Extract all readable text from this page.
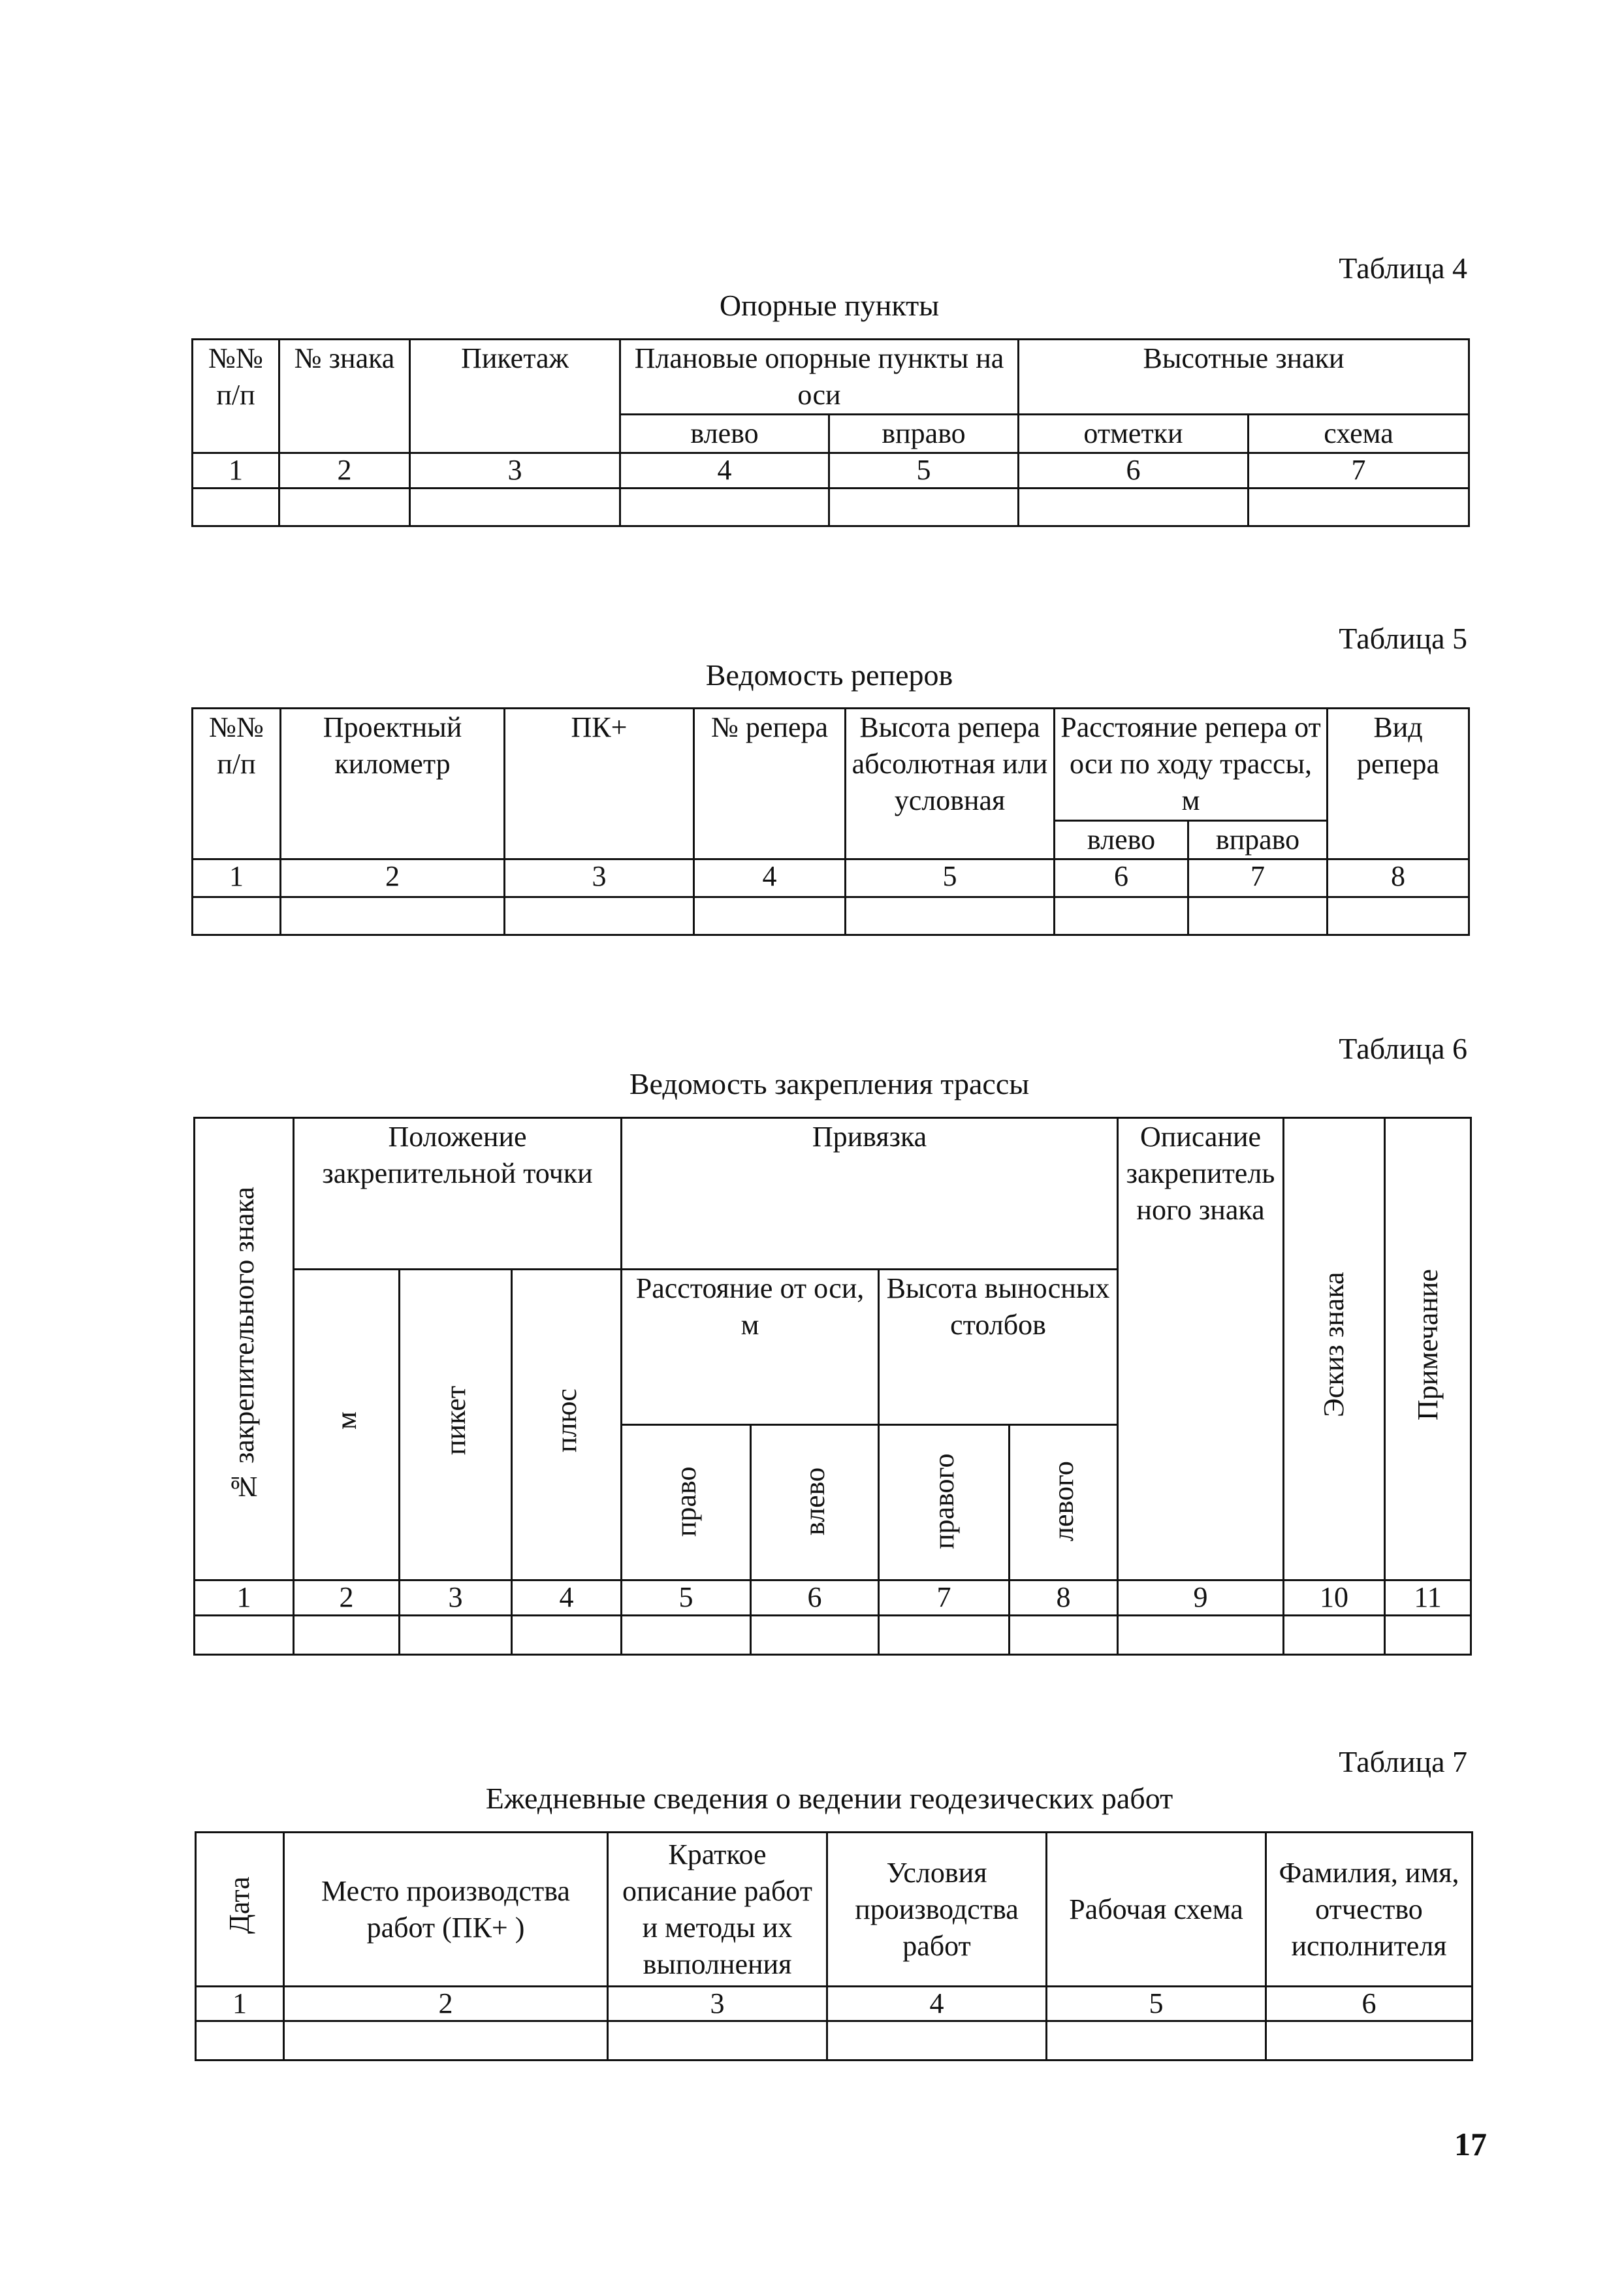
Таблица 4
Опорные пункты
№№ п/п	№ знака	Пикетаж	Плановые опорные пункты на оси		Высотные знаки	
			влево	вправо	отметки	схема
1	2	3	4	5	6	7

Таблица 5
Ведомость реперов
№№ п/п	Проектный километр	ПК+	№ репера	Высота репера абсолютная или условная	Расстояние репера от оси по ходу трассы, м		Вид репера
					влево	вправо	
1	2	3	4	5	6	7	8

Таблица 6
Ведомость закрепления трассы
№ закрепительного знака	Положение закрепительной точки			Привязка				Описание закрепительного знака	Эскиз знака	Примечание
	м	пикет	плюс	Расстояние от оси, м		Высота выносных столбов				
				право	влево	правого	левого			
1	2	3	4	5	6	7	8	9	10	11

Таблица 7
Ежедневные сведения о ведении геодезических работ
Дата	Место производства работ (ПК+ )	Краткое описание работ и методы их выполнения	Условия производства работ	Рабочая схема	Фамилия, имя, отчество исполнителя
1	2	3	4	5	6

17
